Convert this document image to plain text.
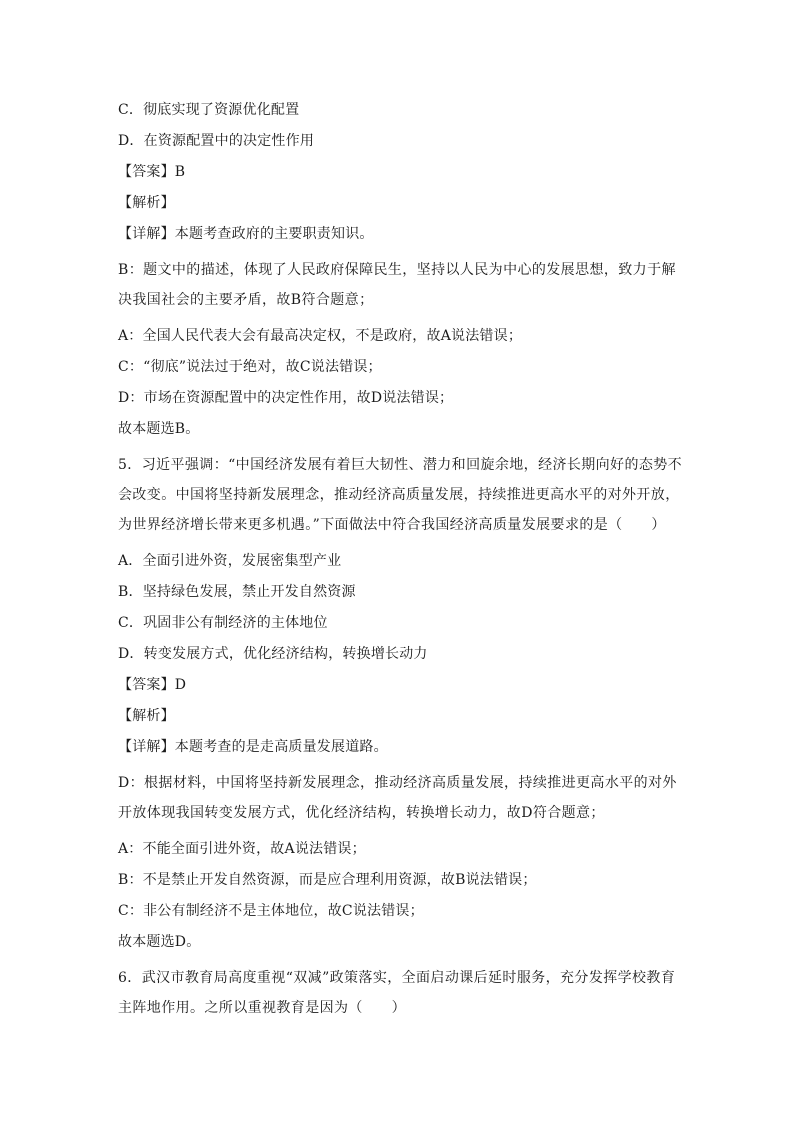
C．彻底实现了资源优化配置
D．在资源配置中的决定性作用
【答案】B
【解析】
【详解】本题考查政府的主要职责知识。
B：题文中的描述，体现了人民政府保障民生，坚持以人民为中心的发展思想，致力于解决我国社会的主要矛盾，故B符合题意；
A：全国人民代表大会有最高决定权，不是政府，故A说法错误；
C：“彻底”说法过于绝对，故C说法错误；
D：市场在资源配置中的决定性作用，故D说法错误；
故本题选B。
5．习近平强调：“中国经济发展有着巨大韧性、潜力和回旋余地，经济长期向好的态势不会改变。中国将坚持新发展理念，推动经济高质量发展，持续推进更高水平的对外开放，为世界经济增长带来更多机遇。”下面做法中符合我国经济高质量发展要求的是（　　）
A．全面引进外资，发展密集型产业
B．坚持绿色发展，禁止开发自然资源
C．巩固非公有制经济的主体地位
D．转变发展方式，优化经济结构，转换增长动力
【答案】D
【解析】
【详解】本题考查的是走高质量发展道路。
D：根据材料，中国将坚持新发展理念，推动经济高质量发展，持续推进更高水平的对外开放体现我国转变发展方式，优化经济结构，转换增长动力，故D符合题意；
A：不能全面引进外资，故A说法错误；
B：不是禁止开发自然资源，而是应合理利用资源，故B说法错误；
C：非公有制经济不是主体地位，故C说法错误；
故本题选D。
6．武汉市教育局高度重视“双减”政策落实，全面启动课后延时服务，充分发挥学校教育主阵地作用。之所以重视教育是因为（　　）
